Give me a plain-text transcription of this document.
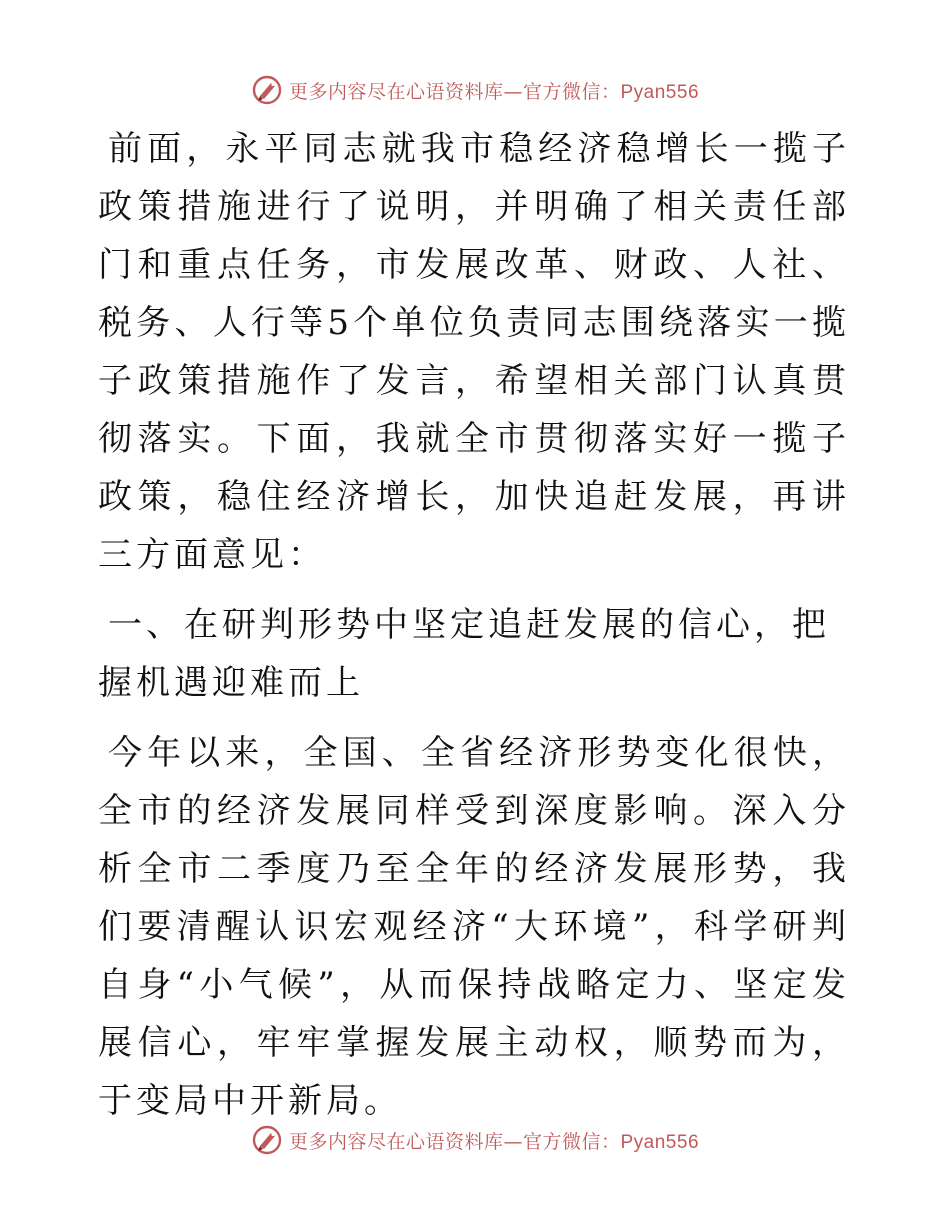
更多内容尽在心语资料库—官方微信：Pyan556

前面，永平同志就我市稳经济稳增长一揽子政策措施进行了说明，并明确了相关责任部门和重点任务，市发展改革、财政、人社、税务、人行等5个单位负责同志围绕落实一揽子政策措施作了发言，希望相关部门认真贯彻落实。下面，我就全市贯彻落实好一揽子政策，稳住经济增长，加快追赶发展，再讲三方面意见：

一、在研判形势中坚定追赶发展的信心，把握机遇迎难而上

今年以来，全国、全省经济形势变化很快，全市的经济发展同样受到深度影响。深入分析全市二季度乃至全年的经济发展形势，我们要清醒认识宏观经济“大环境”，科学研判自身“小气候”，从而保持战略定力、坚定发展信心，牢牢掌握发展主动权，顺势而为，于变局中开新局。

更多内容尽在心语资料库—官方微信：Pyan556
